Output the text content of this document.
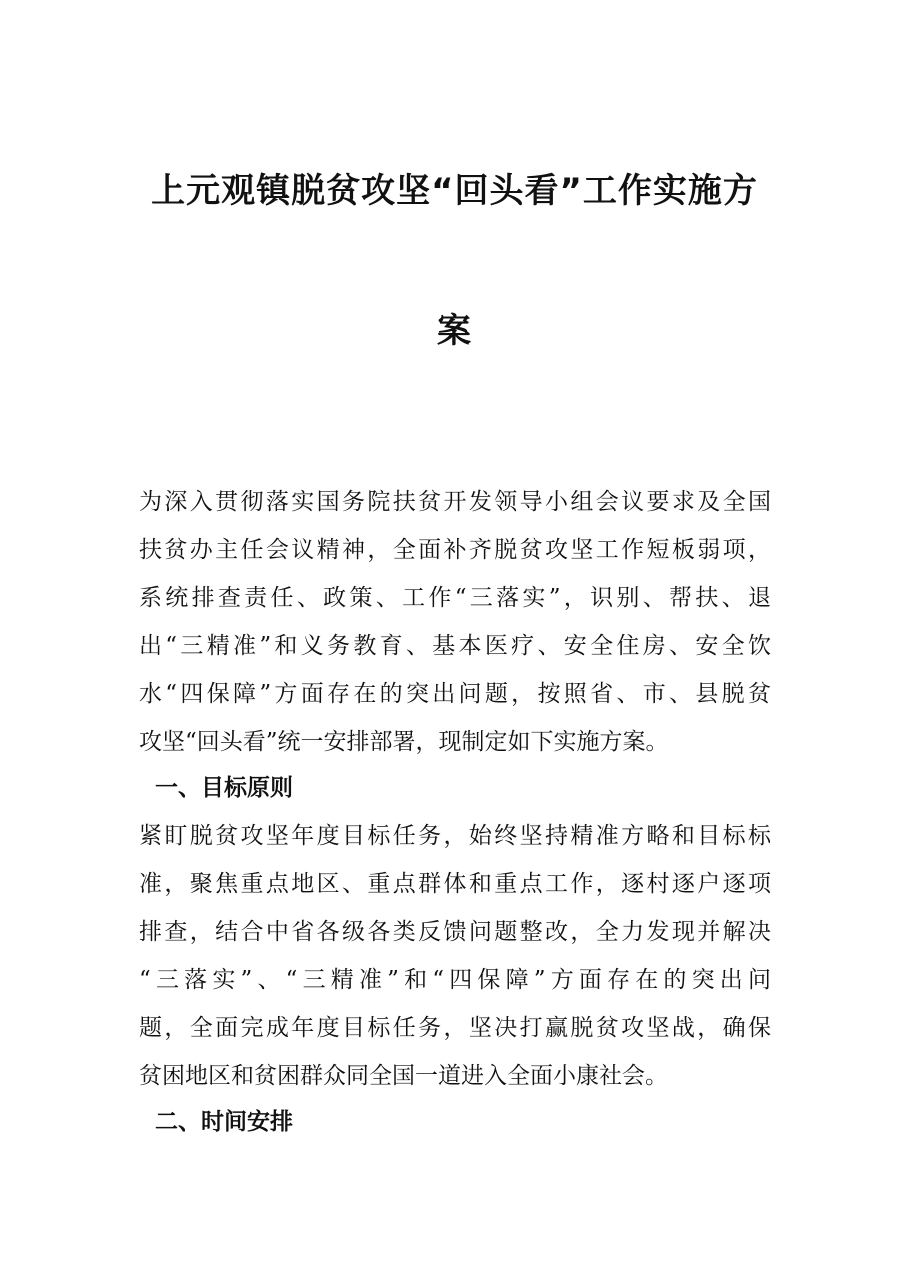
上元观镇脱贫攻坚“回头看”工作实施方
案

为深入贯彻落实国务院扶贫开发领导小组会议要求及全国

扶贫办主任会议精神，全面补齐脱贫攻坚工作短板弱项，

系统排查责任、政策、工作“三落实”，识别、帮扶、退

出“三精准”和义务教育、基本医疗、安全住房、安全饮

水“四保障”方面存在的突出问题，按照省、市、县脱贫

攻坚“回头看”统一安排部署，现制定如下实施方案。

一、目标原则

紧盯脱贫攻坚年度目标任务，始终坚持精准方略和目标标

准，聚焦重点地区、重点群体和重点工作，逐村逐户逐项

排查，结合中省各级各类反馈问题整改，全力发现并解决

“三落实”、“三精准”和“四保障”方面存在的突出问

题，全面完成年度目标任务，坚决打赢脱贫攻坚战，确保

贫困地区和贫困群众同全国一道进入全面小康社会。

二、时间安排
